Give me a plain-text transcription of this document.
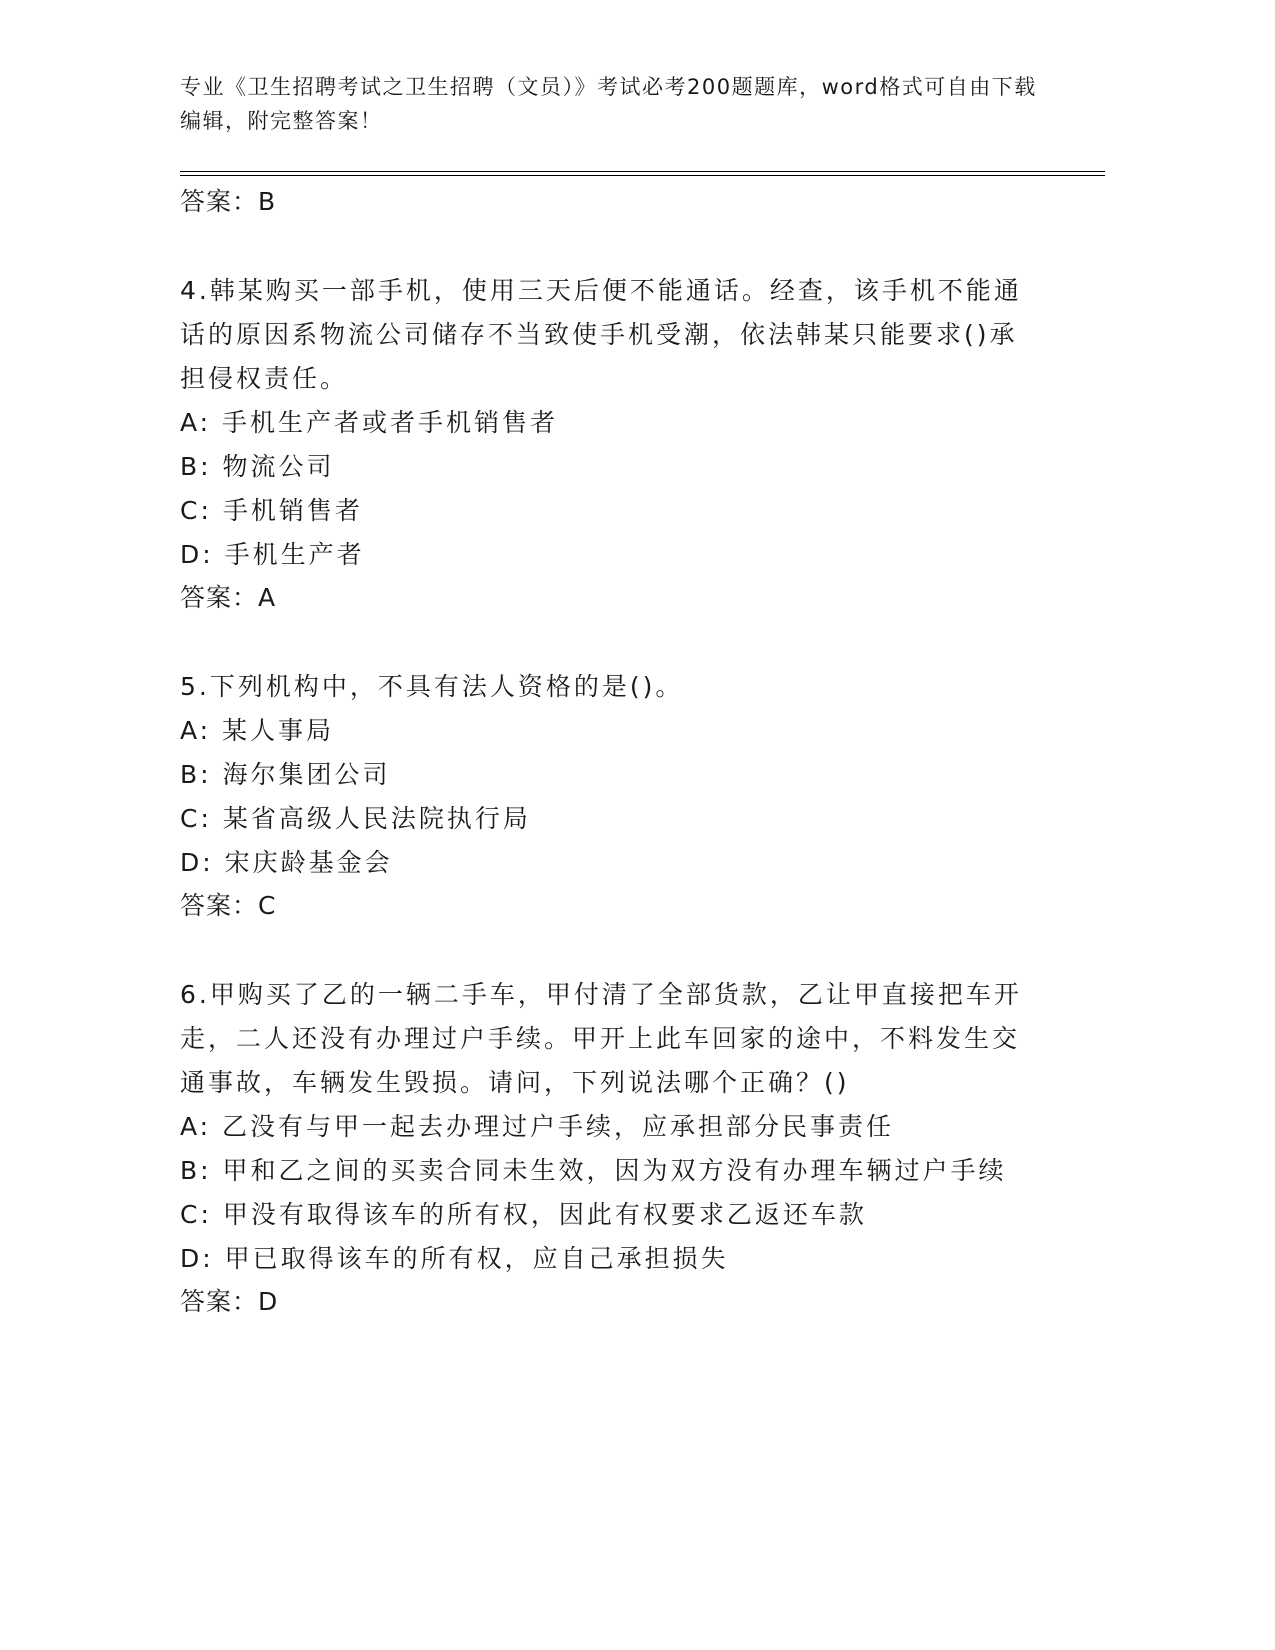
专业《卫生招聘考试之卫生招聘（文员）》考试必考200题题库，word格式可自由下载编辑，附完整答案！
答案：B
4.韩某购买一部手机，使用三天后便不能通话。经查，该手机不能通话的原因系物流公司储存不当致使手机受潮，依法韩某只能要求()承担侵权责任。
A: 手机生产者或者手机销售者
B: 物流公司
C: 手机销售者
D: 手机生产者
答案：A
5.下列机构中，不具有法人资格的是()。
A: 某人事局
B: 海尔集团公司
C: 某省高级人民法院执行局
D: 宋庆龄基金会
答案：C
6.甲购买了乙的一辆二手车，甲付清了全部货款，乙让甲直接把车开走，二人还没有办理过户手续。甲开上此车回家的途中，不料发生交通事故，车辆发生毁损。请问，下列说法哪个正确？()
A: 乙没有与甲一起去办理过户手续，应承担部分民事责任
B: 甲和乙之间的买卖合同未生效，因为双方没有办理车辆过户手续
C: 甲没有取得该车的所有权，因此有权要求乙返还车款
D: 甲已取得该车的所有权，应自己承担损失
答案：D
